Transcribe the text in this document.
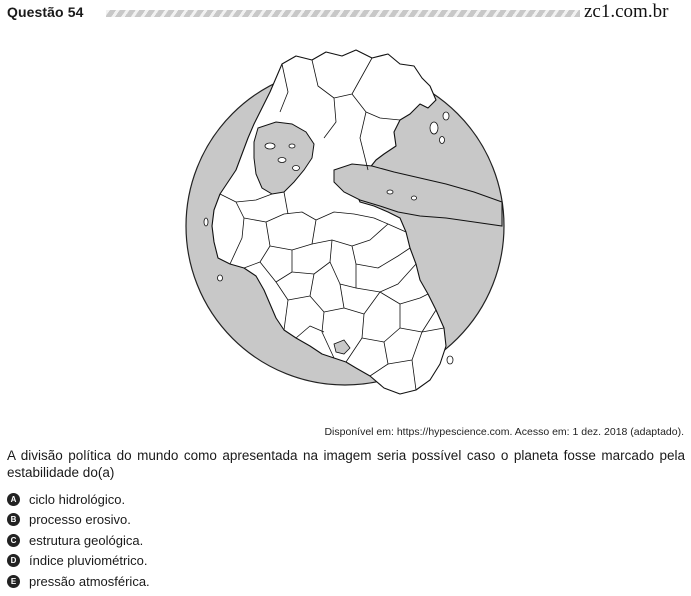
Questão 54	zc1.com.br
Disponível em: https://hypescience.com. Acesso em: 1 dez. 2018 (adaptado).
A divisão política do mundo como apresentada na imagem seria possível caso o planeta fosse marcado pela estabilidade do(a)
A ciclo hidrológico.
B processo erosivo.
C estrutura geológica.
D índice pluviométrico.
E pressão atmosférica.
